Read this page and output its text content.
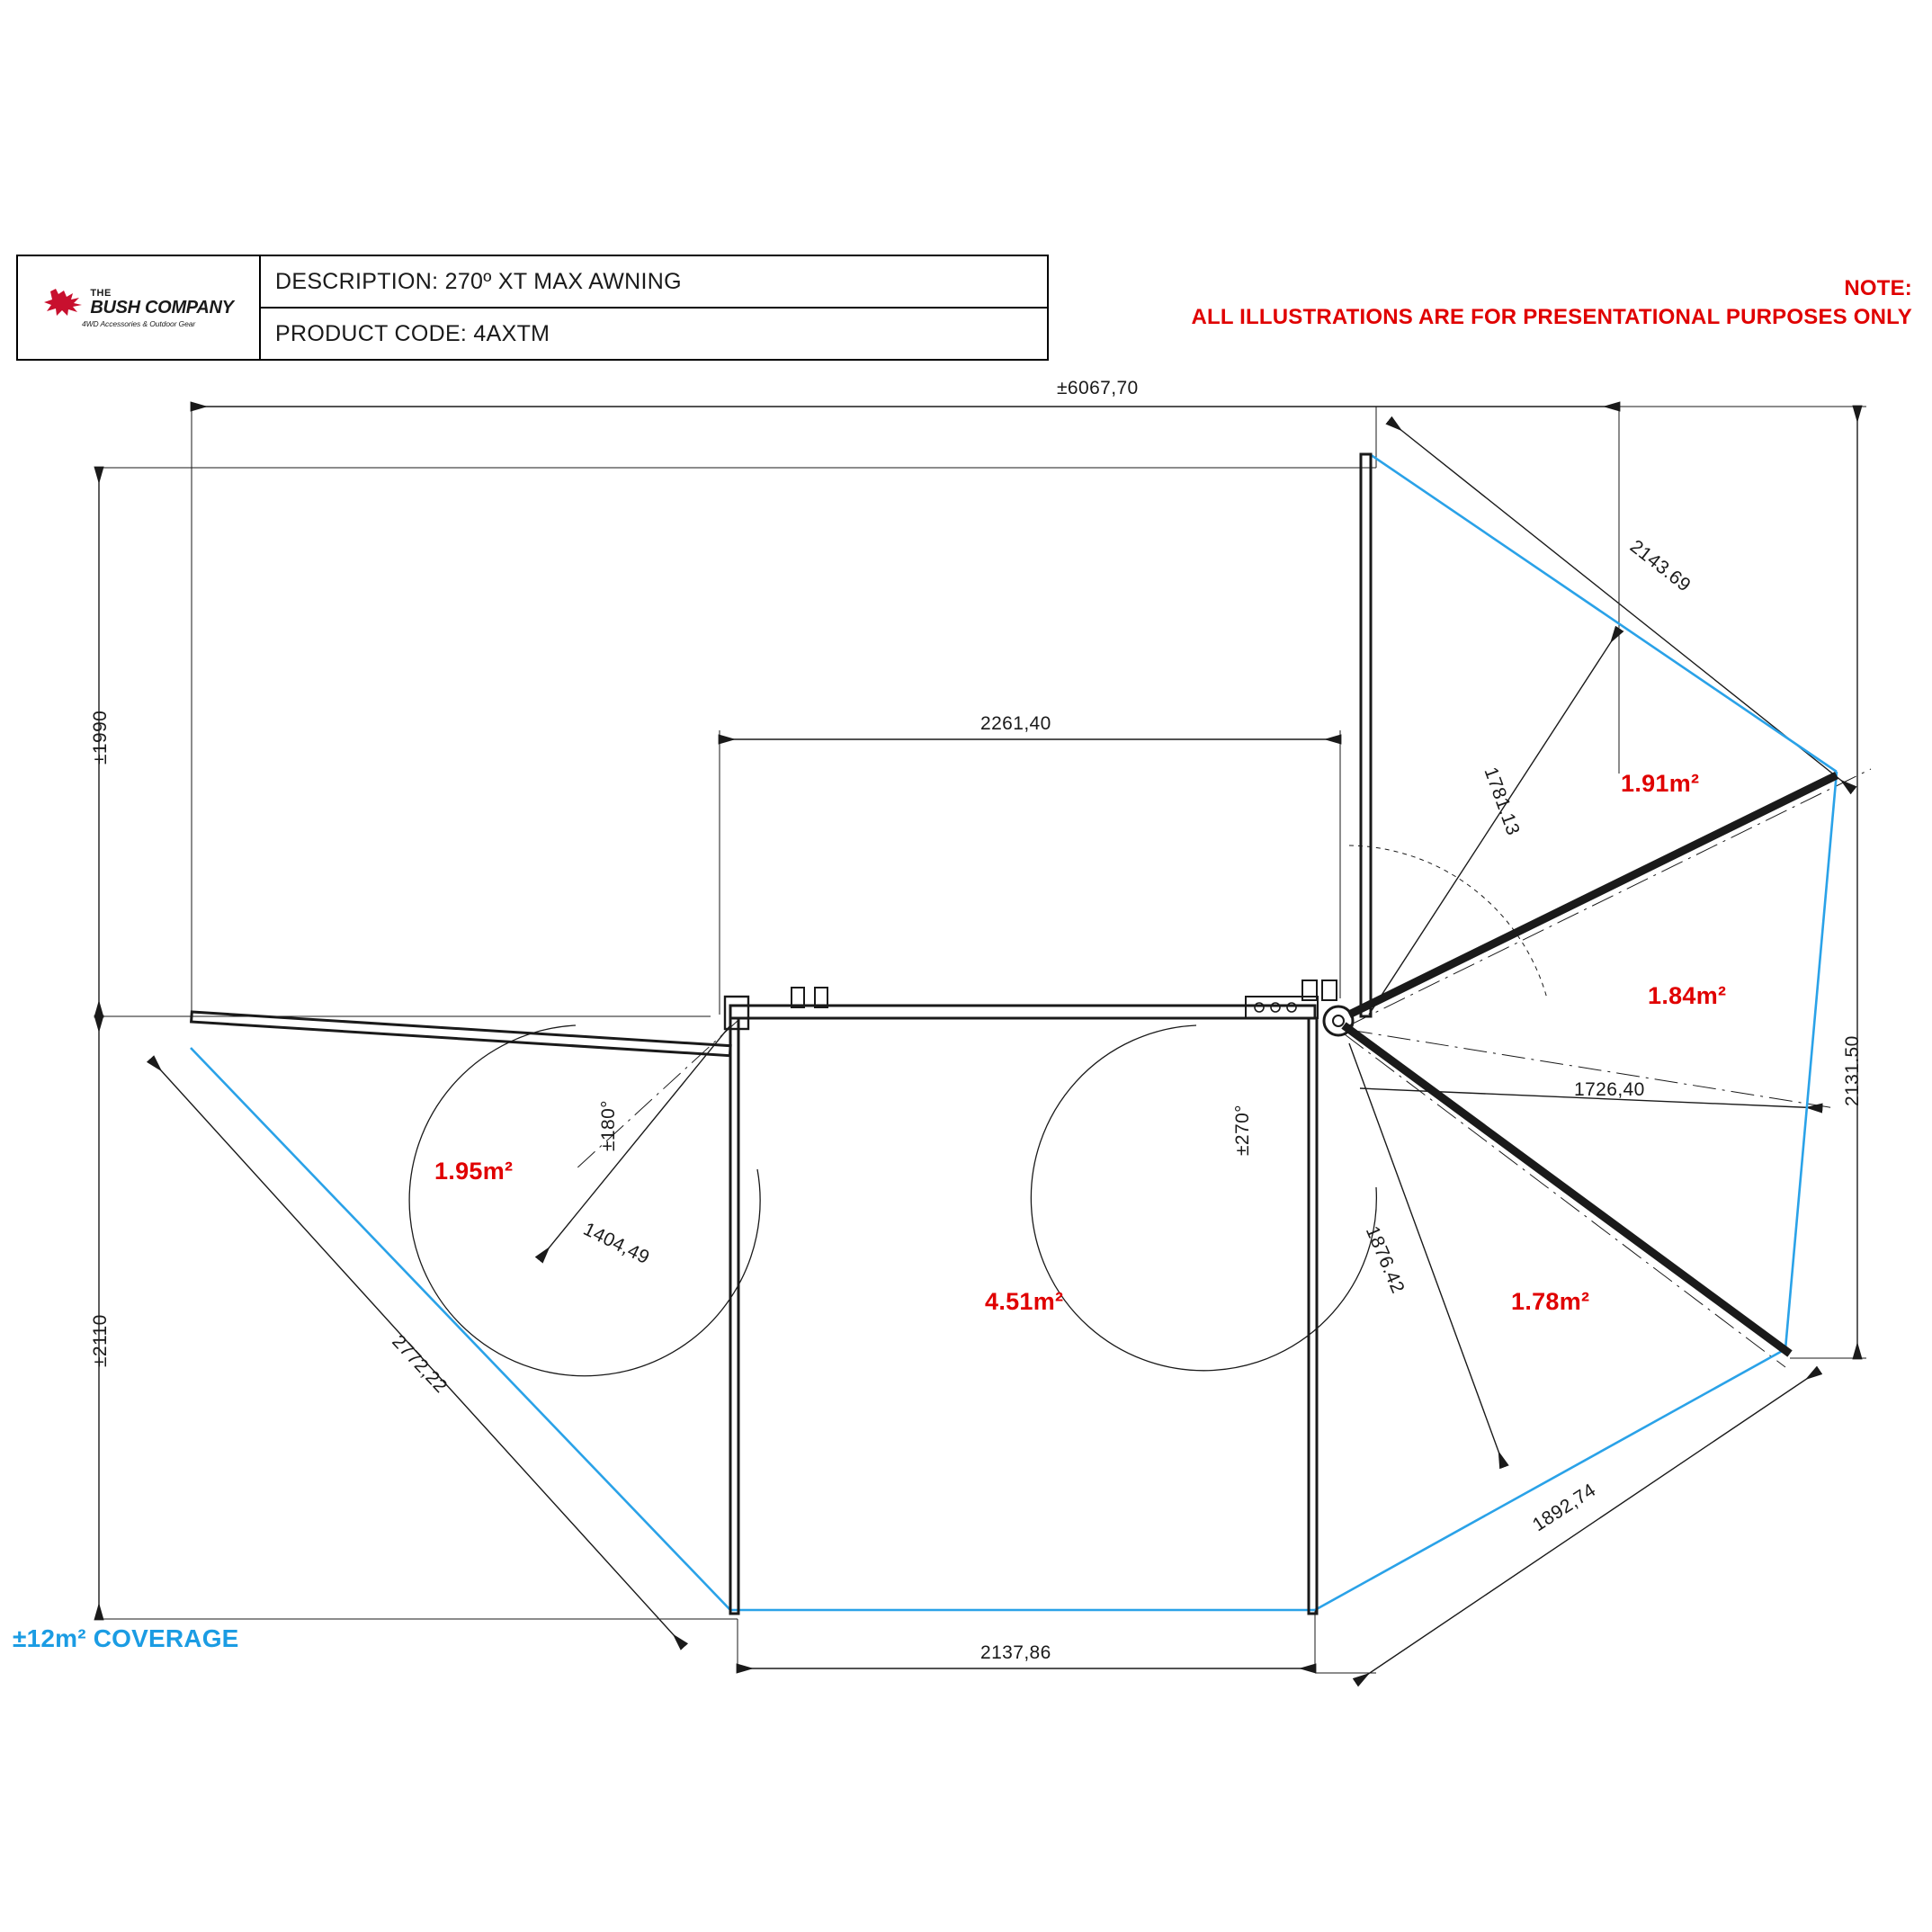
THE
BUSH COMPANY
4WD Accessories & Outdoor Gear
DESCRIPTION: 270º XT MAX AWNING
PRODUCT CODE: 4AXTM
NOTE:
ALL ILLUSTRATIONS ARE FOR PRESENTATIONAL PURPOSES ONLY
±12m² COVERAGE
±6067,70
±1990
±2110
2261,40
2137,86
2143.69
2131.50
1781.13
1726,40
1876.42
1892,74
1404,49
2772,22
±180°	±270°
1.95m²
4.51m²
1.91m²
1.84m²
1.78m²
